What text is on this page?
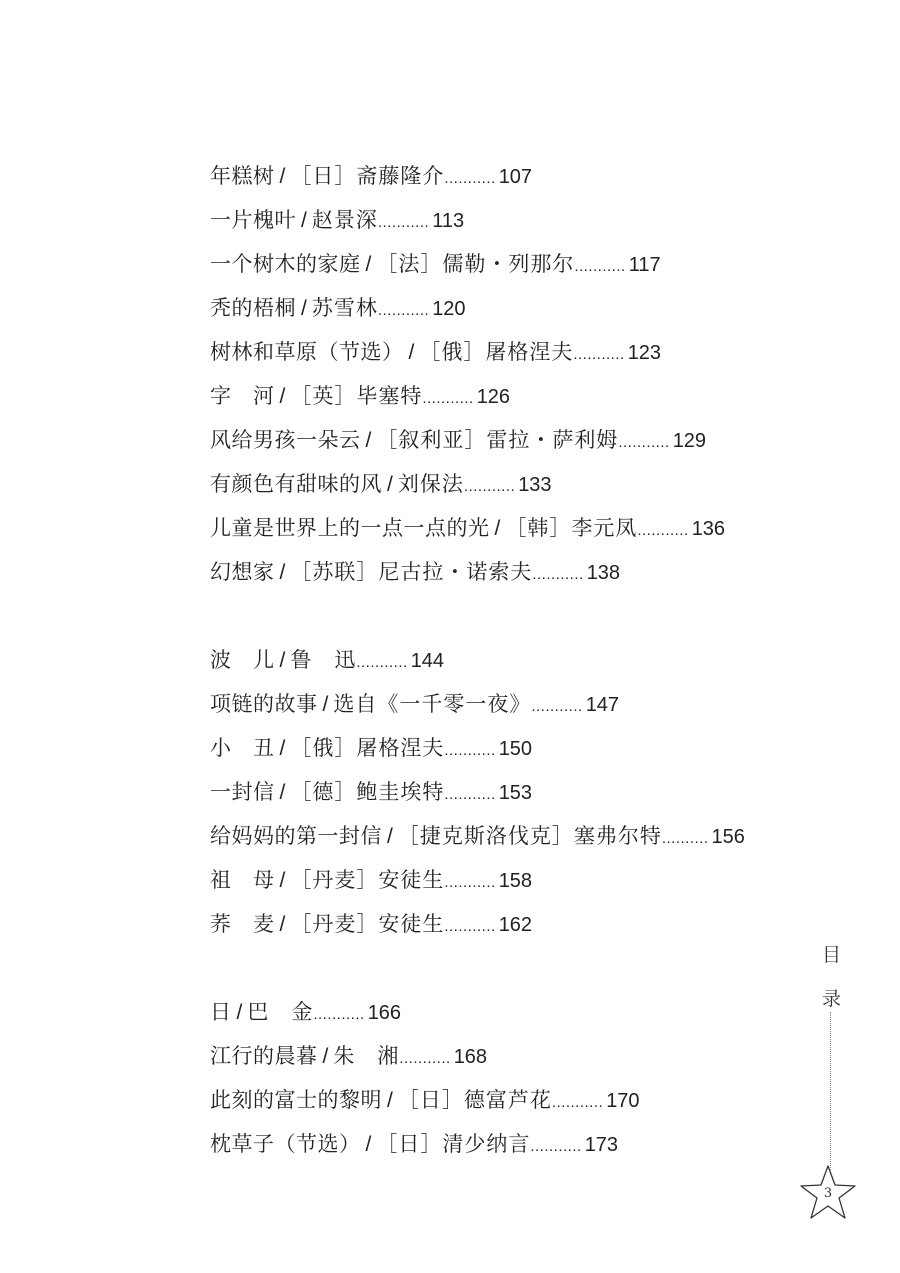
年糕树 / ［日］斋藤隆介........... 107
一片槐叶 / 赵景深........... 113
一个树木的家庭 / ［法］儒勒・列那尔........... 117
秃的梧桐 / 苏雪林........... 120
树林和草原（节选） / ［俄］屠格涅夫........... 123
字　河 / ［英］毕塞特........... 126
风给男孩一朵云 / ［叙利亚］雷拉・萨利姆........... 129
有颜色有甜味的风 / 刘保法........... 133
儿童是世界上的一点一点的光 / ［韩］李元凤........... 136
幻想家 / ［苏联］尼古拉・诺索夫........... 138
波　儿 / 鲁　迅........... 144
项链的故事 / 选自《一千零一夜》........... 147
小　丑 / ［俄］屠格涅夫........... 150
一封信 / ［德］鲍圭埃特........... 153
给妈妈的第一封信 / ［捷克斯洛伐克］塞弗尔特.......... 156
祖　母 / ［丹麦］安徒生........... 158
荞　麦 / ［丹麦］安徒生........... 162
日 / 巴　金........... 166
江行的晨暮 / 朱　湘........... 168
此刻的富士的黎明 / ［日］德富芦花........... 170
枕草子（节选） / ［日］清少纳言........... 173
目
录
3
